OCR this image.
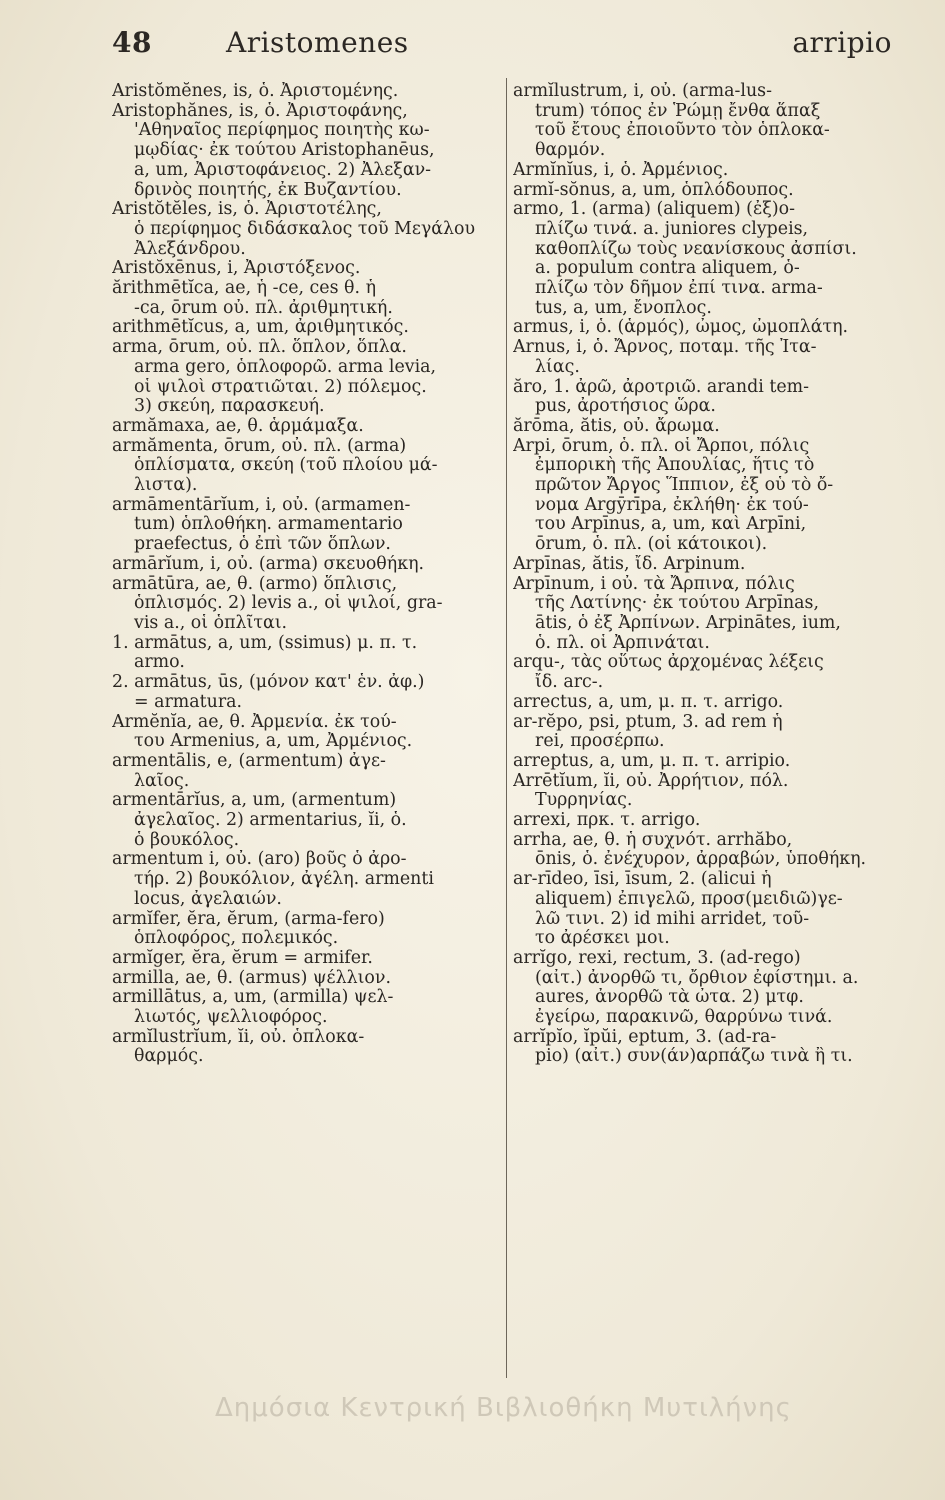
48	Aristomenes	arripio
Aristŏmĕnes, is, ὁ. Ἀριστομένης.
Aristophănes, is, ὁ. Ἀριστοφάνης,
'Αθηναῖος περίφημος ποιητὴς κω-
μῳδίας· ἐκ τούτου Aristophanēus,
a, um, Ἀριστοφάνειος. 2) Ἀλεξαν-
δρινὸς ποιητής, ἐκ Βυζαντίου.
Aristŏtĕles, is, ὁ. Ἀριστοτέλης,
ὁ περίφημος διδάσκαλος τοῦ Μεγάλου
Ἀλεξάνδρου.
Aristŏxēnus, i, Ἀριστόξενος.
ărithmētĭca, ae, ἡ -ce, ces θ. ἡ
-ca, ōrum οὐ. πλ. ἀριθμητική.
arithmētĭcus, a, um, ἀριθμητικός.
arma, ōrum, οὐ. πλ. ὅπλον, ὅπλα.
arma gero, ὁπλοφορῶ. arma levia,
οἱ ψιλοὶ στρατιῶται. 2) πόλεμος.
3) σκεύη, παρασκευή.
armămaxa, ae, θ. ἁρμάμαξα.
armămenta, ōrum, οὐ. πλ. (arma)
ὁπλίσματα, σκεύη (τοῦ πλοίου μά-
λιστα).
armāmentārĭum, i, οὐ. (armamen-
tum) ὁπλοθήκη. armamentario
praefectus, ὁ ἐπὶ τῶν ὅπλων.
armārĭum, i, οὐ. (arma) σκευοθήκη.
armātūra, ae, θ. (armo) ὅπλισις,
ὁπλισμός. 2) levis a., οἱ ψιλοί, gra-
vis a., οἱ ὁπλῖται.
1. armātus, a, um, (ssimus) μ. π. τ.
armo.
2. armātus, ūs, (μόνον κατ' ἑν. ἀφ.)
= armatura.
Armĕnĭa, ae, θ. Ἀρμενία. ἐκ τού-
του Armenius, a, um, Ἀρμένιος.
armentālis, e, (armentum) ἀγε-
λαῖος.
armentārĭus, a, um, (armentum)
ἀγελαῖος. 2) armentarius, ĭi, ὁ.
ὁ βουκόλος.
armentum i, οὐ. (aro) βοῦς ὁ ἀρο-
τήρ. 2) βουκόλιον, ἀγέλη. armenti
locus, ἀγελαιών.
armĭfer, ĕra, ĕrum, (arma-fero)
ὁπλοφόρος, πολεμικός.
armĭger, ĕra, ĕrum = armifer.
armilla, ae, θ. (armus) ψέλλιον.
armillātus, a, um, (armilla) ψελ-
λιωτός, ψελλιοφόρος.
armĭlustrĭum, ĭi, οὐ. ὁπλοκα-
θαρμός.
armĭlustrum, i, οὐ. (arma-lus-
trum) τόπος ἐν Ῥώμῃ ἔνθα ἅπαξ
τοῦ ἔτους ἐποιοῦντο τὸν ὁπλοκα-
θαρμόν.
Armĭnĭus, i, ὁ. Ἀρμένιος.
armĭ-sŏnus, a, um, ὁπλόδουπος.
armo, 1. (arma) (aliquem) (ἐξ)ο-
πλίζω τινά. a. juniores clypeis,
καθοπλίζω τοὺς νεανίσκους ἀσπίσι.
a. populum contra aliquem, ὁ-
πλίζω τὸν δῆμον ἐπί τινα. arma-
tus, a, um, ἔνοπλος.
armus, i, ὁ. (ἁρμός), ὦμος, ὠμοπλάτη.
Arnus, i, ὁ. Ἄρνος, ποταμ. τῆς Ἰτα-
λίας.
ăro, 1. ἀρῶ, ἀροτριῶ. arandi tem-
pus, ἀροτήσιος ὥρα.
ărōma, ătis, οὐ. ἄρωμα.
Arpi, ōrum, ὁ. πλ. οἱ Ἄρποι, πόλις
ἐμπορικὴ τῆς Ἀπουλίας, ἥτις τὸ
πρῶτον Ἄργος Ἵππιον, ἐξ οὗ τὸ ὄ-
νομα Argȳrīpa, ἐκλήθη· ἐκ τού-
του Arpīnus, a, um, καὶ Arpīni,
ōrum, ὁ. πλ. (οἱ κάτοικοι).
Arpīnas, ătis, ἴδ. Arpinum.
Arpīnum, i οὐ. τὰ Ἄρπινα, πόλις
τῆς Λατίνης· ἐκ τούτου Arpīnas,
ātis, ὁ ἐξ Ἀρπίνων. Arpinātes, ium,
ὁ. πλ. οἱ Ἀρπινάται.
arqu-, τὰς οὕτως ἀρχομένας λέξεις
ἴδ. arc-.
arrectus, a, um, μ. π. τ. arrigo.
ar-rĕpo, psi, ptum, 3. ad rem ἡ
rei, προσέρπω.
arreptus, a, um, μ. π. τ. arripio.
Arrētĭum, ĭi, οὐ. Ἀρρήτιον, πόλ.
Τυρρηνίας.
arrexi, πρκ. τ. arrigo.
arrha, ae, θ. ἡ συχνότ. arrhăbo,
ōnis, ὁ. ἐνέχυρον, ἀρραβών, ὑποθήκη.
ar-rīdeo, īsi, īsum, 2. (alicui ἡ
aliquem) ἐπιγελῶ, προσ(μειδιῶ)γε-
λῶ τινι. 2) id mihi arridet, τοῦ-
το ἀρέσκει μοι.
arrĭgo, rexi, rectum, 3. (ad-rego)
(αἰτ.) ἀνορθῶ τι, ὄρθιον ἐφίστημι. a.
aures, ἀνορθῶ τὰ ὦτα. 2) μτφ.
ἐγείρω, παρακινῶ, θαρρύνω τινά.
arrĭpĭo, ĭpŭi, eptum, 3. (ad-ra-
pio) (αἰτ.) συν(άν)αρπάζω τινὰ ἢ τι.
Δημόσια Κεντρική Βιβλιοθήκη Μυτιλήνης
